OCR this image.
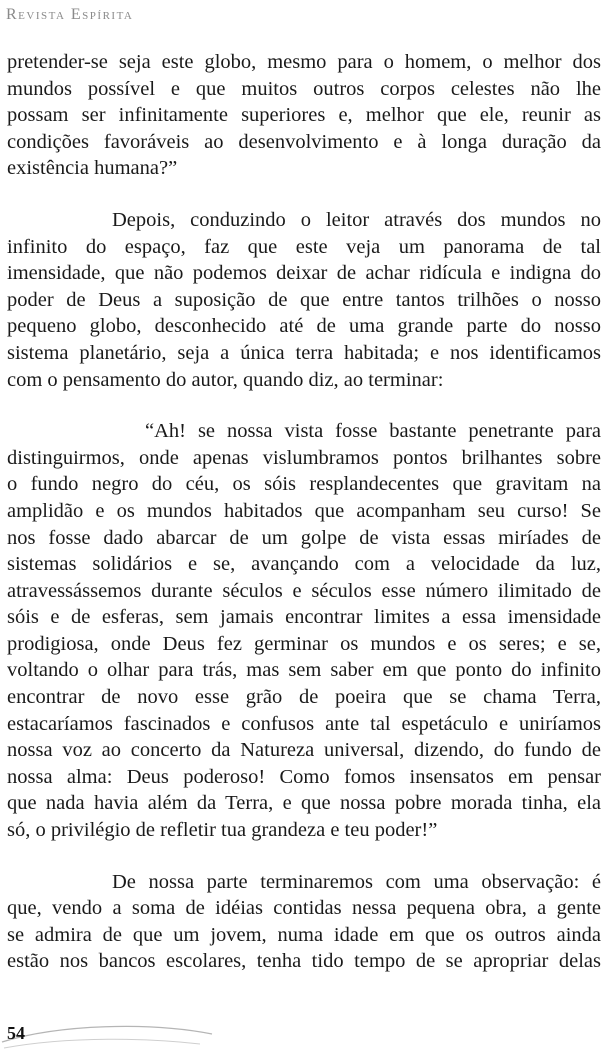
Revista Espírita
pretender-se seja este globo, mesmo para o homem, o melhor dos
mundos possível e que muitos outros corpos celestes não lhe
possam ser infinitamente superiores e, melhor que ele, reunir as
condições favoráveis ao desenvolvimento e à longa duração da
existência humana?”
Depois, conduzindo o leitor através dos mundos no
infinito do espaço, faz que este veja um panorama de tal
imensidade, que não podemos deixar de achar ridícula e indigna do
poder de Deus a suposição de que entre tantos trilhões o nosso
pequeno globo, desconhecido até de uma grande parte do nosso
sistema planetário, seja a única terra habitada; e nos identificamos
com o pensamento do autor, quando diz, ao terminar:
“Ah! se nossa vista fosse bastante penetrante para
distinguirmos, onde apenas vislumbramos pontos brilhantes sobre
o fundo negro do céu, os sóis resplandecentes que gravitam na
amplidão e os mundos habitados que acompanham seu curso! Se
nos fosse dado abarcar de um golpe de vista essas miríades de
sistemas solidários e se, avançando com a velocidade da luz,
atravessássemos durante séculos e séculos esse número ilimitado de
sóis e de esferas, sem jamais encontrar limites a essa imensidade
prodigiosa, onde Deus fez germinar os mundos e os seres; e se,
voltando o olhar para trás, mas sem saber em que ponto do infinito
encontrar de novo esse grão de poeira que se chama Terra,
estacaríamos fascinados e confusos ante tal espetáculo e uniríamos
nossa voz ao concerto da Natureza universal, dizendo, do fundo de
nossa alma: Deus poderoso! Como fomos insensatos em pensar
que nada havia além da Terra, e que nossa pobre morada tinha, ela
só, o privilégio de refletir tua grandeza e teu poder!”
De nossa parte terminaremos com uma observação: é
que, vendo a soma de idéias contidas nessa pequena obra, a gente
se admira de que um jovem, numa idade em que os outros ainda
estão nos bancos escolares, tenha tido tempo de se apropriar delas
54
